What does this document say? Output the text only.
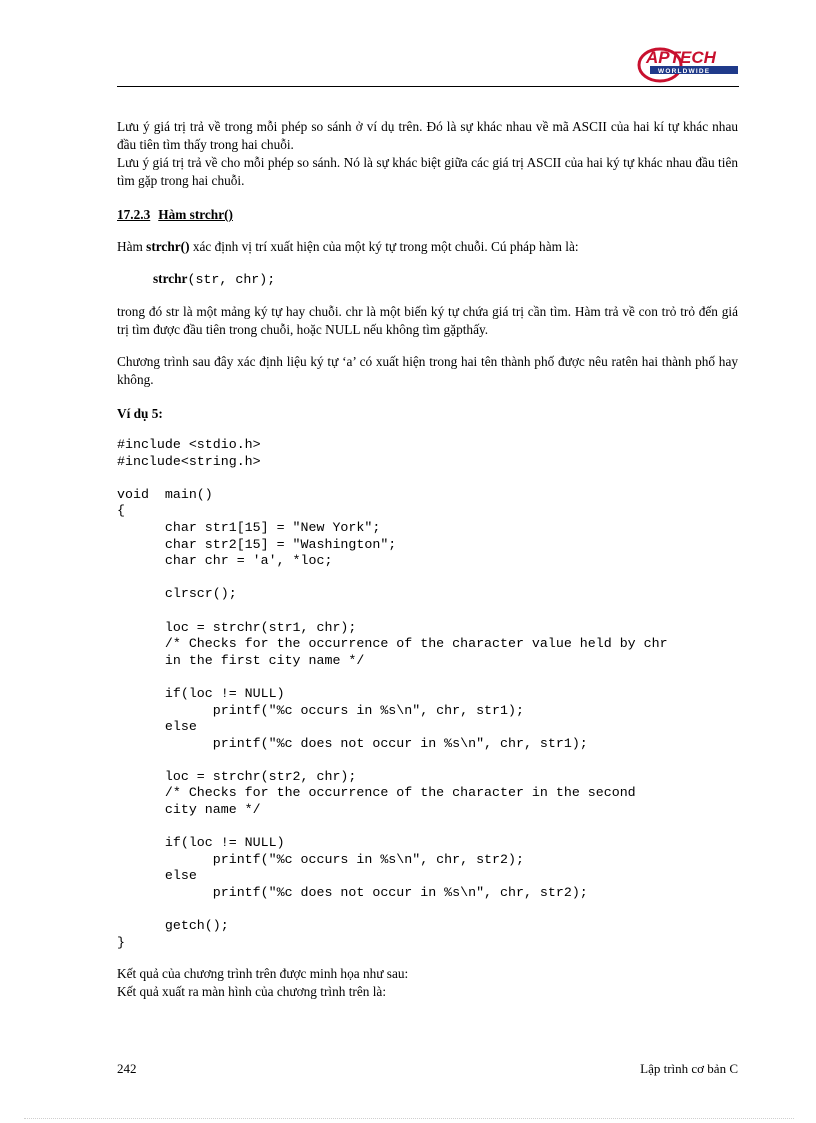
APTECH
WORLDWIDE

Lưu ý giá trị trả về trong mỗi phép so sánh ở ví dụ trên. Đó là sự khác nhau về mã ASCII của hai kí tự khác nhau đầu tiên tìm thấy trong hai chuỗi.

Lưu ý giá trị trả về cho mỗi phép so sánh. Nó là sự khác biệt giữa các giá trị ASCII của hai ký tự khác nhau đầu tiên tìm gặp trong hai chuỗi.

17.2.3 Hàm strchr()

Hàm strchr() xác định vị trí xuất hiện của một ký tự trong một chuỗi. Cú pháp hàm là:

strchr(str, chr);

trong đó str là một mảng ký tự hay chuỗi. chr là một biến ký tự chứa giá trị cần tìm. Hàm trả về con trỏ trỏ đến giá trị tìm được đầu tiên trong chuỗi, hoặc NULL nếu không tìm gặpthấy.

Chương trình sau đây xác định liệu ký tự ‘a’ có xuất hiện trong hai tên thành phố được nêu ratên hai thành phố hay không.

Ví dụ 5:

#include <stdio.h>
#include<string.h>
void  main()
{
char str1[15] = "New York";
char str2[15] = "Washington";
char chr = 'a', *loc;
clrscr();
loc = strchr(str1, chr);
/* Checks for the occurrence of the character value held by chr
in the first city name */
if(loc != NULL)
printf("%c occurs in %s\n", chr, str1);
else
printf("%c does not occur in %s\n", chr, str1);
loc = strchr(str2, chr);
/* Checks for the occurrence of the character in the second
city name */
if(loc != NULL)
printf("%c occurs in %s\n", chr, str2);
else
printf("%c does not occur in %s\n", chr, str2);
getch();
}

Kết quả của chương trình trên được minh họa như sau:

Kết quả xuất ra màn hình của chương trình trên là:

242	Lập trình cơ bản C
